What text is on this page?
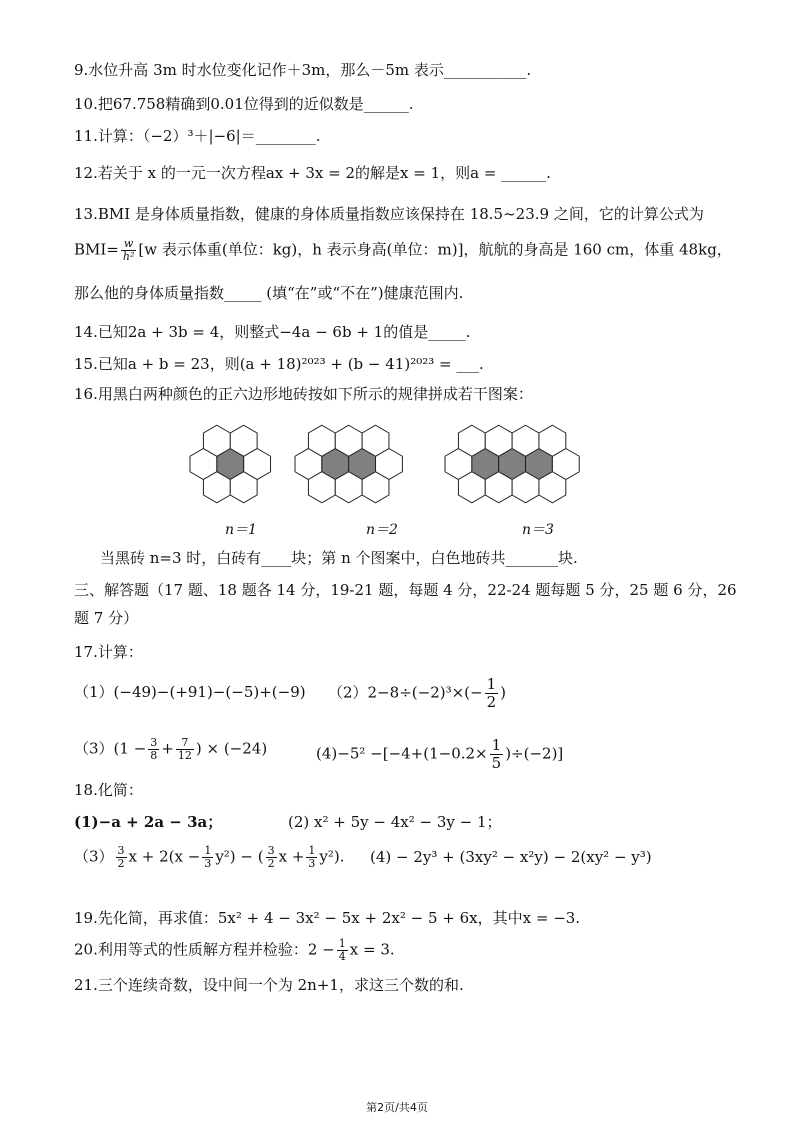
9.水位升高 3m 时水位变化记作＋3m，那么－5m 表示___________.
10.把67.758精确到0.01位得到的近似数是______.
11.计算：（−2）³＋|−6|＝________.
12.若关于 x 的一元一次方程ax + 3x = 2的解是x = 1，则a = ______.
13.BMI 是身体质量指数，健康的身体质量指数应该保持在 18.5~23.9 之间，它的计算公式为
$BMI= \frac{w}{\text{h²}} [w$ 表示体重(单位：kg)，h 表示身高(单位：m)]，航航的身高是 160 cm，体重 48kg，
那么他的身体质量指数_____ (填“在”或“不在”)健康范围内.
14.已知2a + 3b = 4，则整式−4a − 6b + 1的值是_____.
15.已知a + b = 23，则(a + 18)²⁰²³ + (b − 41)²⁰²³ = ___.
16.用黑白两种颜色的正六边形地砖按如下所示的规律拼成若干图案：
n＝1	n＝2	n＝3
当黑砖 n=3 时，白砖有____块；第 n 个图案中，白色地砖共_______块.
三、解答题（17 题、18 题各 14 分，19-21 题，每题 4 分，22-24 题每题 5 分，25 题 6 分，26
题 7 分）
17.计算：
（1）(−49)−(+91)−(−5)+(−9)	$(2)2-8\div(-2)^3\times(- \frac{1}{2}$ )
$(3)(1 - \frac{3}{8} + \frac{7}{12}$ ) × (−24)	$(4)-5^2 -[-4+(1-0.2\times \frac{1}{5} )\div(-2)]$
18.化简：
(1)−a + 2a − 3a；	(2) x² + 5y − 4x² − 3y − 1；
$(3) \frac{3}{2}$ $x + 2(x - \frac{1}{3} y^2)$ − ( $\frac{3}{2}$ $x + \frac{1}{3} y^2$).	(4) − 2y³ + (3xy² − x²y) − 2(xy² − y³)
19.先化简，再求值：5x² + 4 − 3x² − 5x + 2x² − 5 + 6x，其中x = −3.
20.利用等式的性质解方程并检验：$2 - \frac{1}{4}$ x = 3.
21.三个连续奇数，设中间一个为 2n+1，求这三个数的和.
第2页/共4页
